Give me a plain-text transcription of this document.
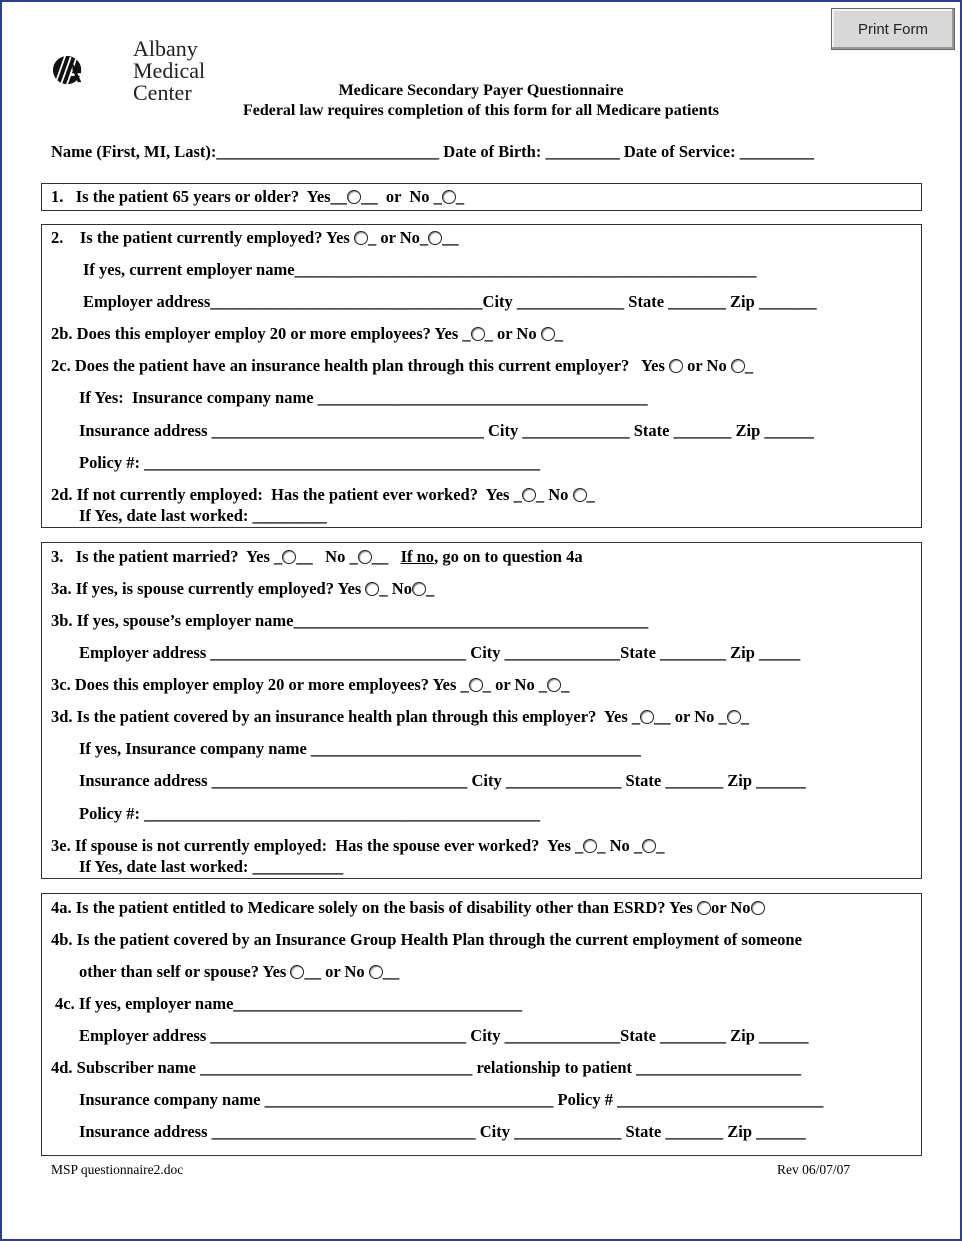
Print Form
Albany
Medical
Center	Medicare Secondary Payer Questionnaire
Federal law requires completion of this form for all Medicare patients
Name (First, MI, Last):___________________________ Date of Birth: _________ Date of Service: _________
1.   Is the patient 65 years or older?  Yes__ __  or  No _ _
2.    Is the patient currently employed? Yes _ or No_ __
If yes, current employer name________________________________________________________
Employer address_________________________________City _____________ State _______ Zip _______
2b. Does this employer employ 20 or more employees? Yes _ _ or No _
2c. Does the patient have an insurance health plan through this current employer?   Yes  or No _
If Yes:  Insurance company name ________________________________________
Insurance address _________________________________ City _____________ State _______ Zip ______
Policy #: ________________________________________________
2d. If not currently employed:  Has the patient ever worked?  Yes _ _ No _
If Yes, date last worked: _________
3.   Is the patient married?  Yes _ __   No _ __   If no, go on to question 4a
3a. If yes, is spouse currently employed? Yes _ No _
3b. If yes, spouse’s employer name___________________________________________
Employer address _______________________________ City ______________State ________ Zip _____
3c. Does this employer employ 20 or more employees? Yes _ _ or No _ _
3d. Is the patient covered by an insurance health plan through this employer?  Yes _ __ or No _ _
If yes, Insurance company name ________________________________________
Insurance address _______________________________ City ______________ State _______ Zip ______
Policy #: ________________________________________________
3e. If spouse is not currently employed:  Has the spouse ever worked?  Yes _ _ No _ _
If Yes, date last worked: ___________
4a. Is the patient entitled to Medicare solely on the basis of disability other than ESRD? Yes or No
4b. Is the patient covered by an Insurance Group Health Plan through the current employment of someone
other than self or spouse? Yes __ or No __
4c. If yes, employer name___________________________________
Employer address _______________________________ City ______________State ________ Zip ______
4d. Subscriber name _________________________________ relationship to patient ____________________
Insurance company name ___________________________________ Policy # _________________________
Insurance address ________________________________ City _____________ State _______ Zip ______
MSP questionnaire2.doc	Rev 06/07/07
